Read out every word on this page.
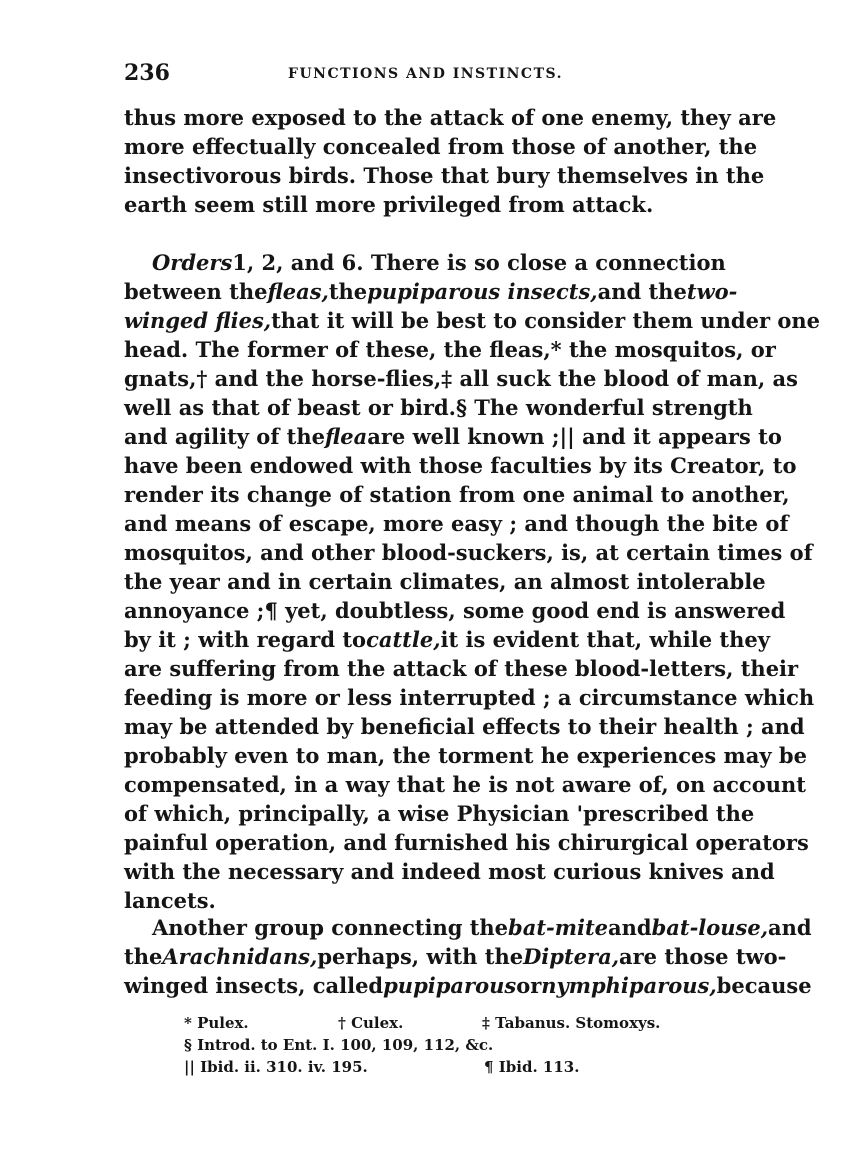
236	FUNCTIONS AND INSTINCTS.
thus more exposed to the attack of one enemy, they are
more effectually concealed from those of another, the
insectivorous birds. Those that bury themselves in the
earth seem still more privileged from attack.
Orders 1, 2, and 6. There is so close a connection
between the fleas, the pupiparous insects, and the two-
winged flies, that it will be best to consider them under one
head. The former of these, the fleas,* the mosquitos, or
gnats,† and the horse-flies,‡ all suck the blood of man, as
well as that of beast or bird.§ The wonderful strength
and agility of the flea are well known ;|| and it appears to
have been endowed with those faculties by its Creator, to
render its change of station from one animal to another,
and means of escape, more easy ; and though the bite of
mosquitos, and other blood-suckers, is, at certain times of
the year and in certain climates, an almost intolerable
annoyance ;¶ yet, doubtless, some good end is answered
by it ; with regard to cattle, it is evident that, while they
are suffering from the attack of these blood-letters, their
feeding is more or less interrupted ; a circumstance which
may be attended by beneficial effects to their health ; and
probably even to man, the torment he experiences may be
compensated, in a way that he is not aware of, on account
of which, principally, a wise Physician 'prescribed the
painful operation, and furnished his chirurgical operators
with the necessary and indeed most curious knives and
lancets.
Another group connecting the bat-mite and bat-louse, and
the Arachnidans, perhaps, with the Diptera, are those two-
winged insects, called pupiparous or nymphiparous, because
* Pulex.	† Culex.	‡ Tabanus. Stomoxys.
§ Introd. to Ent. I. 100, 109, 112, &c.
|| Ibid. ii. 310. iv. 195.	¶ Ibid. 113.
